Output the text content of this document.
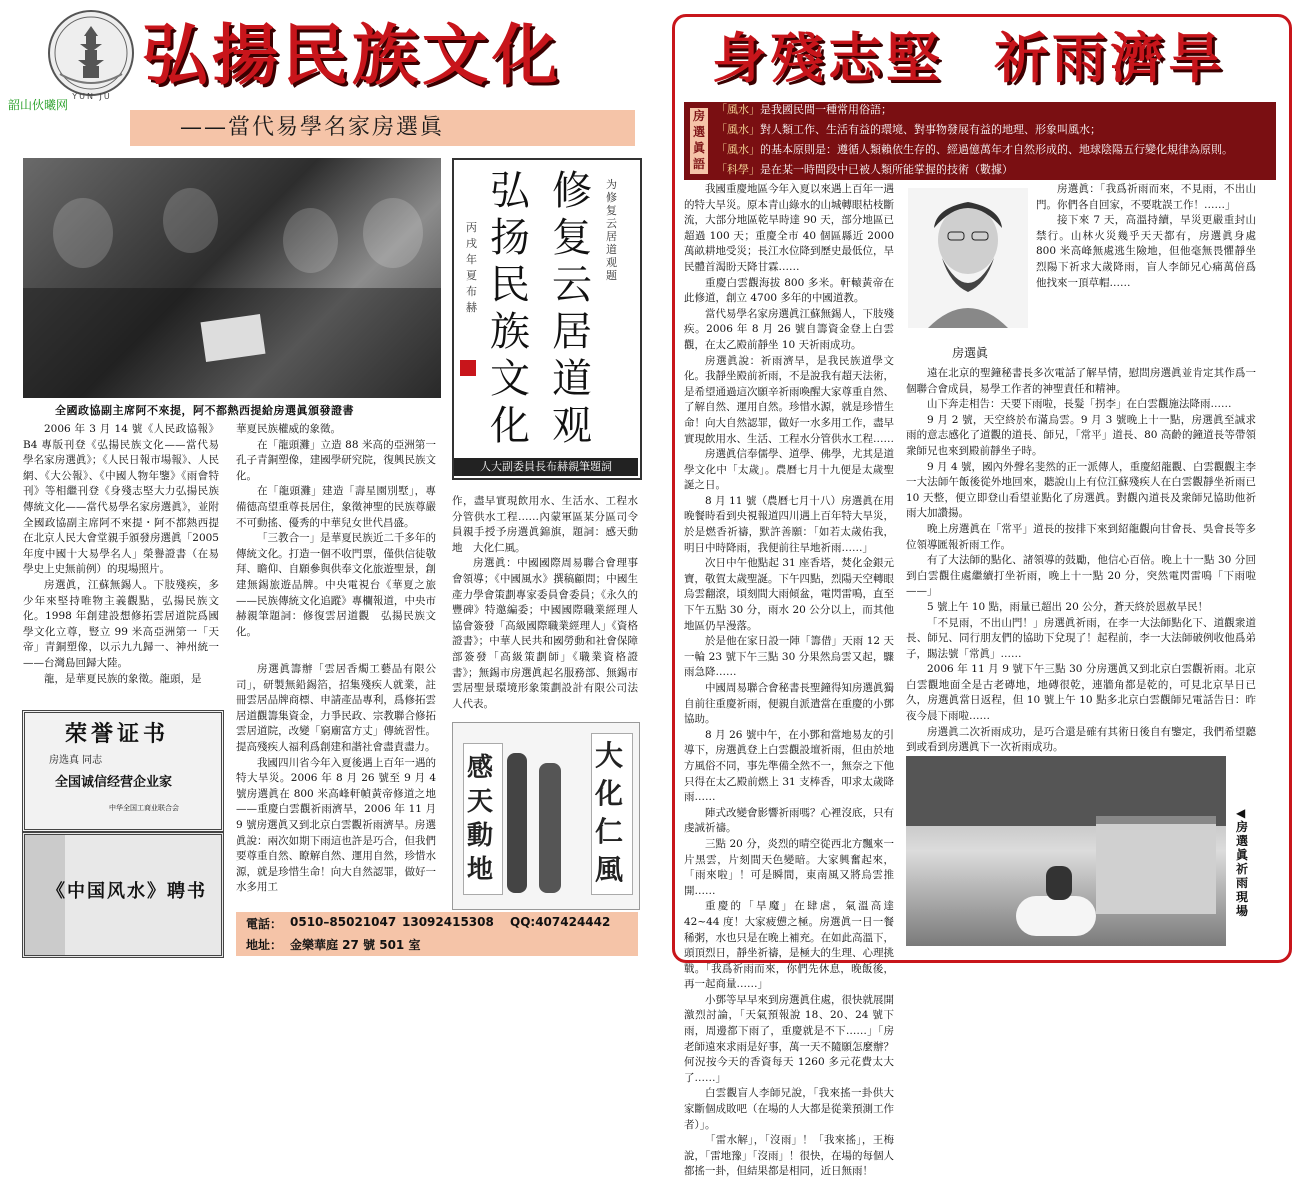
YUN JU
韶山伙曦网
弘揚民族文化
——當代易學名家房選眞
全國政協副主席阿不來提，阿不都熱西提給房選眞頒發證書
修复云居道观
弘扬民族文化
为修复云居道观题
丙戌年夏 布赫
人大副委員長布赫親筆題詞

2006 年 3 月 14 號《人民政協報》B4 專版刊登《弘揚民族文化——當代易學名家房選眞》；《人民日報市場報》、人民網、《大公報》、《中國人物年鑒》《雨會特刊》等相繼刊登《身殘志堅大力弘揚民族傳統文化——當代易學名家房選眞》，並附全國政協副主席阿不來提・阿不都熱西提在北京人民大會堂親手頒發房選眞「2005 年度中國十大易學名人」榮譽證書（在易學史上史無前例）的現場照片。

房選眞，江蘇無錫人。下肢殘疾，多少年來堅持唯物主義觀點，弘揚民族文化。1998 年創建設想修拓雲居道院爲國學文化立尊，豎立 99 米高亞洲第一「天帝」青銅塑像，以示九九歸一、神州統一——台灣島回歸大陸。

龍，是華夏民族的象徵。龍頭，是

華夏民族權威的象徵。

在「龍頭灘」立造 88 米高的亞洲第一孔子青銅塑像，建國學研究院，復興民族文化。

在「龍頭灘」建造「壽星園別墅」，專備德高望重尊長居住，象徵神聖的民族尊嚴不可動搖、優秀的中華兒女世代昌盛。

「三教合一」是華夏民族近二千多年的傳統文化。打造一個不收門票，僅供信徒敬拜、瞻仰、自願參與供奉文化旅遊聖景，創建無錫旅遊品牌。中央電視台《華夏之旅——民族傳統文化追蹤》專欄報道，中央市赫親筆題詞：修復雲居道觀　弘揚民族文化。

房選眞籌辦「雲居香燭工藝品有限公司」，研製無鉛錫箔，招集殘疾人就業，註冊雲居品牌商標、申請產品專利，爲修拓雲居道觀籌集資金，力爭民政、宗教聯合修拓雲居道院，改變「窮廟富方丈」傳統習性。提高殘疾人福利爲創建和諧社會盡責盡力。

我國四川省今年入夏後遇上百年一遇的特大旱災。2006 年 8 月 26 號至 9 月 4 號房選眞在 800 米高峰軒幀黃帝修道之地——重慶白雲觀祈雨濟旱，2006 年 11 月 9 號房選眞又到北京白雲觀祈雨濟旱。房選眞說：兩次如期下雨這也許是巧合，但我們要尊重自然、瞭解自然、運用自然，珍惜水源，就是珍惜生命！向大自然認罪，做好一水多用工

作，盡早實現飲用水、生活水、工程水分管供水工程……內蒙軍區某分區司令員親手授予房選眞錦旗，題詞：感天動地　大化仁風。

房選眞：中國國際周易聯合會理事會領導；《中國風水》撰稿顧問；中國生產力學會策劃專家委員會委員；《永久的豐碑》特邀編委；中國國際職業經理人協會簽發「高級國際職業經理人」《資格證書》；中華人民共和國勞動和社會保障部簽發「高級策劃師」《職業資格證書》；無錫市房選眞起名服務部、無錫市雲居聖景環境形象策劃設計有限公司法人代表。

荣誉证书
房选真 同志
全国诚信经营企业家
中华全国工商业联合会
《中国风水》聘书
感天動地
大化仁風
電話： 0510–85021047 13092415308 QQ:407424442
地址： 金樂華庭 27 號 501 室
身殘志堅 祈雨濟旱
房選眞語
「風水」是我國民間一種常用俗語；
「風水」對人類工作、生活有益的環境、對事物發展有益的地理、形象叫風水；
「風水」的基本原則是：遵循人類賴依生存的、經過億萬年才自然形成的、地球陰陽五行變化規律為原則。
「科學」是在某一時間段中已被人類所能掌握的技術（數據）
房選眞

我國重慶地區今年入夏以來遇上百年一遇的特大旱災。原本青山綠水的山城轉眼枯枝斷流，大部分地區乾旱時達 90 天，部分地區已超過 100 天；重慶全市 40 個區縣近 2000 萬畝耕地受災；長江水位降到歷史最低位，旱民體首渴盼天降甘霖……

重慶白雲觀海拔 800 多米。軒轅黃帝在此修道，創立 4700 多年的中國道教。

當代易學名家房選眞江蘇無錫人，下肢殘疾。2006 年 8 月 26 號自籌資金登上白雲觀，在太乙殿前靜坐 10 天祈雨成功。

房選眞說：祈雨濟旱，是我民族道學文化。我靜坐殿前祈雨，不是說我有超天法術，是希望通過這次願辛祈雨喚醒大家尊重自然、了解自然、運用自然。珍惜水源，就是珍惜生命！向大自然認罪，做好一水多用工作，盡早實現飲用水、生活、工程水分管供水工程……

房選眞信奉儒學、道學、佛學，尤其是道學文化中「太歲」。農曆七月十九便是太歲聖誕之日。

8 月 11 號（農曆七月十八）房選眞在用晚餐時看到央視報道四川遇上百年特大旱災，於是燃香祈禱，默許善願：「如若太歲佑我，明日中時降雨，我便前往旱地祈雨……」

次日中午他點起 31 座香塔，焚化金銀元寶，敬賀太歲聖誕。下午四點，烈陽天空轉眼烏雲翻滾，頃刻間大雨傾盆，電閃雷鳴，直至下午五點 30 分，雨水 20 公分以上，而其他地區仍旱漫落。

於是他在家日設一陣「籌借」天雨 12 天一輪 23 號下午三點 30 分果然烏雲又起，驟雨急降……

中國周易聯合會秘書長聖鐘得知房選眞獨自前往重慶祈雨，便親自派遣當在重慶的小鄧協助。

8 月 26 號中午，在小鄧和當地易友的引導下，房選眞登上白雲觀設壇祈雨，但由於地方風俗不同，事先準備全然不一，無奈之下他只得在太乙殿前燃上 31 支棒香，叩求太歲降雨……

陣式改變會影響祈雨嗎？心裡沒底，只有虔誠祈禱。

三點 20 分，炎烈的晴空從西北方飄來一片黑雲，片刻間天色變暗。大家興奮起來，「雨來啦」！可是瞬間，東南風又將烏雲推開……

重慶的「旱魔」在肆虐，氣溫高達 42~44 度！大家疲憊之極。房選眞一日一餐稀粥，水也只是在晚上補充。在如此高溫下，頭頂烈日，靜坐祈禱，是極大的生理、心理挑戰。「我爲祈雨而來，你們先休息，晚飯後，再一起商量……」

小鄧等早早來到房選眞住處，很快就展開激烈討論，「天氣預報說 18、20、24 號下雨，周邊都下雨了，重慶就是不下……」「房老師遠來求雨是好事，萬一天不隨願怎麼辦？何況按今天的香資每天 1260 多元花費太大了……」

白雲觀盲人李師兄說，「我來搖一卦供大家斷個成敗吧（在場的人大都是從業預測工作者）」。

「雷水解」，「沒雨」！「我來搖」，王梅說，「雷地豫」「沒雨」！很快，在場的每個人都搖一卦，但結果都是相同，近日無雨！

房選眞：「我爲祈雨而來，不見雨，不出山門。你們各自回家，不要耽誤工作！……」

接下來 7 天，高溫持續，旱災更嚴重封山禁行。山林火災幾乎天天都有，房選眞身處 800 米高峰無處逃生險地，但他毫無畏懼靜坐烈陽下祈求大歲降雨，盲人李師兄心痛萬倍爲他找來一頂草帽……

遠在北京的聖鐘秘書長多次電話了解旱情，慰問房選眞並肯定其作爲一個聯合會成員，易學工作者的神聖責任和精神。

山下奔走相告：天要下雨啦，長髮「拐李」在白雲觀施法降雨……

9 月 2 號，天空終於布滿烏雲。9 月 3 號晚上十一點，房選眞至誠求雨的意志感化了道觀的道長、師兄，「常平」道長、80 高齡的鐘道長等帶領衆師兄也來到殿前靜坐子時。

9 月 4 號，國內外聲名斐然的正一派傳人，重慶紹龍觀、白雲觀觀主李一大法師午飯後從外地回來，聽說山上有位江蘇殘疾人在白雲觀靜坐祈雨已 10 天整，便立即登山看望並點化了房選眞。對觀內道長及衆師兄協助他祈雨大加讚揚。

晚上房選眞在「常平」道長的按排下來到紹龍觀向甘會長、吳會長等多位領導匯報祈雨工作。

有了大法師的點化、諸領導的鼓勵，他信心百倍。晚上十一點 30 分回到白雲觀住處繼續打坐祈雨，晚上十一點 20 分，突然電閃雷鳴「下雨啦——」

5 號上午 10 點，雨量已超出 20 公分，蒼天終於恩赦旱民！

「不見雨，不出山門！」房選眞祈雨，在李一大法師點化下、道觀衆道長、師兄、同行朋友們的協助下兌現了！起程前，李一大法師破例收他爲弟子，賜法號「常眞」……

2006 年 11 月 9 號下午三點 30 分房選眞又到北京白雲觀祈雨。北京白雲觀地面全是古老磚地，地磚很乾，連牆角都是乾的，可見北京旱日已久，房選眞當日返程，但 10 號上午 10 點多北京白雲觀師兄電話告日：昨夜今晨下雨啦……

房選眞二次祈雨成功，是巧合還是確有其術日後自有鑒定，我們希望聽到或看到房選眞下一次祈雨成功。

◀房選眞祈雨現場
